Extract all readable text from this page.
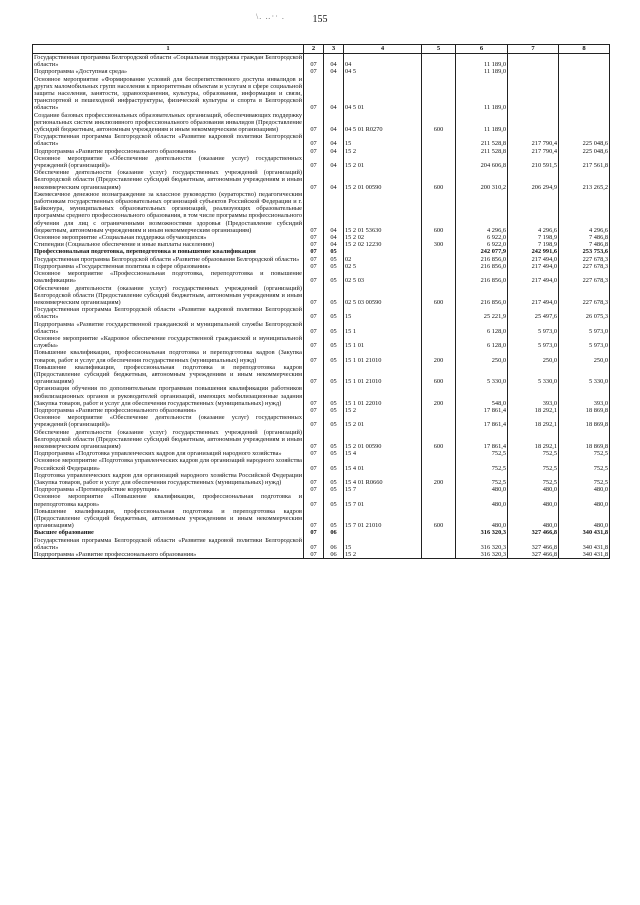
155
\. ‥·· .
1	2	3	4	5	6	7	8
Государственная программа Белгородской области «Социальная поддержка граждан Белгородской области»	07	04	04		11 189,0		
Подпрограмма «Доступная среда»	07	04	04 5		11 189,0		
Основное мероприятие «Формирование условий для беспрепятственного доступа инвалидов и других маломобильных групп населения к приоритетным объектам и услугам в сфере социальной защиты населения, занятости, здравоохранения, культуры, образования, информации и связи, транспортной и пешеходной инфраструктуры, физической культуры и спорта в Белгородской области»	07	04	04 5 01		11 189,0		
Создание базовых профессиональных образовательных организаций, обеспечивающих поддержку региональных систем инклюзивного профессионального образования инвалидов (Предоставление субсидий бюджетным, автономным учреждениям и иным некоммерческим организациям)	07	04	04 5 01 R0270	600	11 189,0		
Государственная программа Белгородской области «Развитие кадровой политики Белгородской области»	07	04	15		211 528,8	217 790,4	225 048,6
Подпрограмма «Развитие профессионального образования»	07	04	15 2		211 528,8	217 790,4	225 048,6
Основное мероприятие «Обеспечение деятельности (оказание услуг) государственных учреждений (организаций)»	07	04	15 2 01		204 606,8	210 591,5	217 561,8
Обеспечение деятельности (оказание услуг) государственных учреждений (организаций) Белгородской области (Предоставление субсидий бюджетным, автономным учреждениям и иным некоммерческим организациям)	07	04	15 2 01 00590	600	200 310,2	206 294,9	213 265,2
Ежемесячное денежное вознаграждение за классное руководство (кураторство) педагогическим работникам государственных образовательных организаций субъектов Российской Федерации и г. Байконура, муниципальных образовательных организаций, реализующих образовательные программы среднего профессионального образования, в том числе программы профессионального обучения для лиц с ограниченными возможностями здоровья (Предоставление субсидий бюджетным, автономным учреждениям и иным некоммерческим организациям)	07	04	15 2 01 53630	600	4 296,6	4 296,6	4 296,6
Основное мероприятие «Социальная поддержка обучающихся»	07	04	15 2 02		6 922,0	7 198,9	7 486,8
Стипендии (Социальное обеспечение и иные выплаты населению)	07	04	15 2 02 12230	300	6 922,0	7 198,9	7 486,8
Профессиональная подготовка, переподготовка и повышение квалификации	07	05			242 077,9	242 991,6	253 753,6
Государственная программа Белгородской области «Развитие образования Белгородской области»	07	05	02		216 856,0	217 494,0	227 678,3
Подпрограмма «Государственная политика в сфере образования»	07	05	02 5		216 856,0	217 494,0	227 678,3
Основное мероприятие «Профессиональная подготовка, переподготовка и повышение квалификации»	07	05	02 5 03		216 856,0	217 494,0	227 678,3
Обеспечение деятельности (оказание услуг) государственных учреждений (организаций) Белгородской области (Предоставление субсидий бюджетным, автономным учреждениям и иным некоммерческим организациям)	07	05	02 5 03 00590	600	216 856,0	217 494,0	227 678,3
Государственная программа Белгородской области «Развитие кадровой политики Белгородской области»	07	05	15		25 221,9	25 497,6	26 075,3
Подпрограмма «Развитие государственной гражданской и муниципальной службы Белгородской области»	07	05	15 1		6 128,0	5 973,0	5 973,0
Основное мероприятие «Кадровое обеспечение государственной гражданской и муниципальной службы»	07	05	15 1 01		6 128,0	5 973,0	5 973,0
Повышение квалификации, профессиональная подготовка и переподготовка кадров (Закупка товаров, работ и услуг для обеспечения государственных (муниципальных) нужд)	07	05	15 1 01 21010	200	250,0	250,0	250,0
Повышение квалификации, профессиональная подготовка и переподготовка кадров (Предоставление субсидий бюджетным, автономным учреждениям и иным некоммерческим организациям)	07	05	15 1 01 21010	600	5 330,0	5 330,0	5 330,0
Организация обучения по дополнительным программам повышения квалификации работников мобилизационных органов и руководителей организаций, имеющих мобилизационные задания (Закупка товаров, работ и услуг для обеспечения государственных (муниципальных) нужд)	07	05	15 1 01 22010	200	548,0	393,0	393,0
Подпрограмма «Развитие профессионального образования»	07	05	15 2		17 861,4	18 292,1	18 869,8
Основное мероприятие «Обеспечение деятельности (оказание услуг) государственных учреждений (организаций)»	07	05	15 2 01		17 861,4	18 292,1	18 869,8
Обеспечение деятельности (оказание услуг) государственных учреждений (организаций) Белгородской области (Предоставление субсидий бюджетным, автономным учреждениям и иным некоммерческим организациям)	07	05	15 2 01 00590	600	17 861,4	18 292,1	18 869,8
Подпрограмма «Подготовка управленческих кадров для организаций народного хозяйства»	07	05	15 4		752,5	752,5	752,5
Основное мероприятие «Подготовка управленческих кадров для организаций народного хозяйства Российской Федерации»	07	05	15 4 01		752,5	752,5	752,5
Подготовка управленческих кадров для организаций народного хозяйства Российской Федерации (Закупка товаров, работ и услуг для обеспечения государственных (муниципальных) нужд)	07	05	15 4 01 R0660	200	752,5	752,5	752,5
Подпрограмма «Противодействие коррупции»	07	05	15 7		480,0	480,0	480,0
Основное мероприятие «Повышение квалификации, профессиональная подготовка и переподготовка кадров»	07	05	15 7 01		480,0	480,0	480,0
Повышение квалификации, профессиональная подготовка и переподготовка кадров (Предоставление субсидий бюджетным, автономным учреждениям и иным некоммерческим организациям)	07	05	15 7 01 21010	600	480,0	480,0	480,0
Высшее образование	07	06			316 320,3	327 466,8	340 431,8
Государственная программа Белгородской области «Развитие кадровой политики Белгородской области»	07	06	15		316 320,3	327 466,8	340 431,8
Подпрограмма «Развитие профессионального образования»	07	06	15 2		316 320,3	327 466,8	340 431,8
